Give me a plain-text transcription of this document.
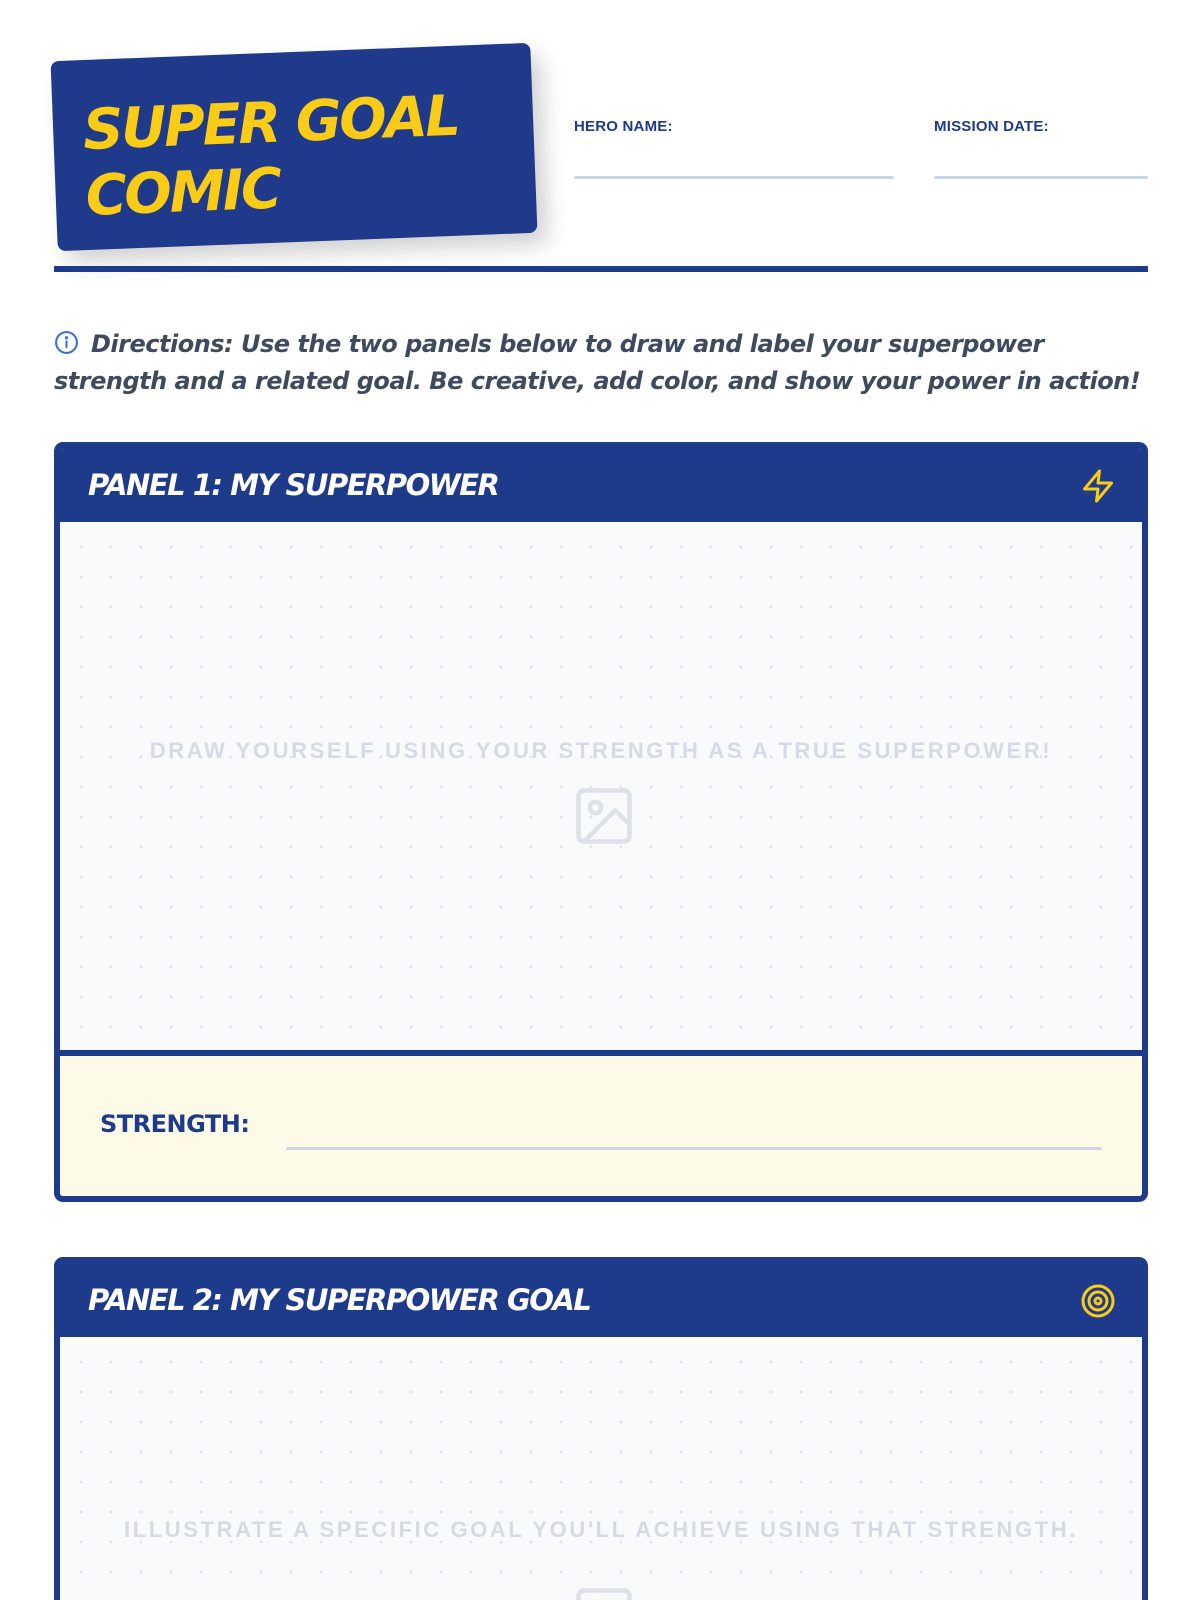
SUPER GOAL
COMIC
HERO NAME:	MISSION DATE:
Directions: Use the two panels below to draw and label your superpower strength and a related goal. Be creative, add color, and show your power in action!
PANEL 1: MY SUPERPOWER
DRAW YOURSELF USING YOUR STRENGTH AS A TRUE SUPERPOWER!
STRENGTH:
PANEL 2: MY SUPERPOWER GOAL
ILLUSTRATE A SPECIFIC GOAL YOU'LL ACHIEVE USING THAT STRENGTH.
